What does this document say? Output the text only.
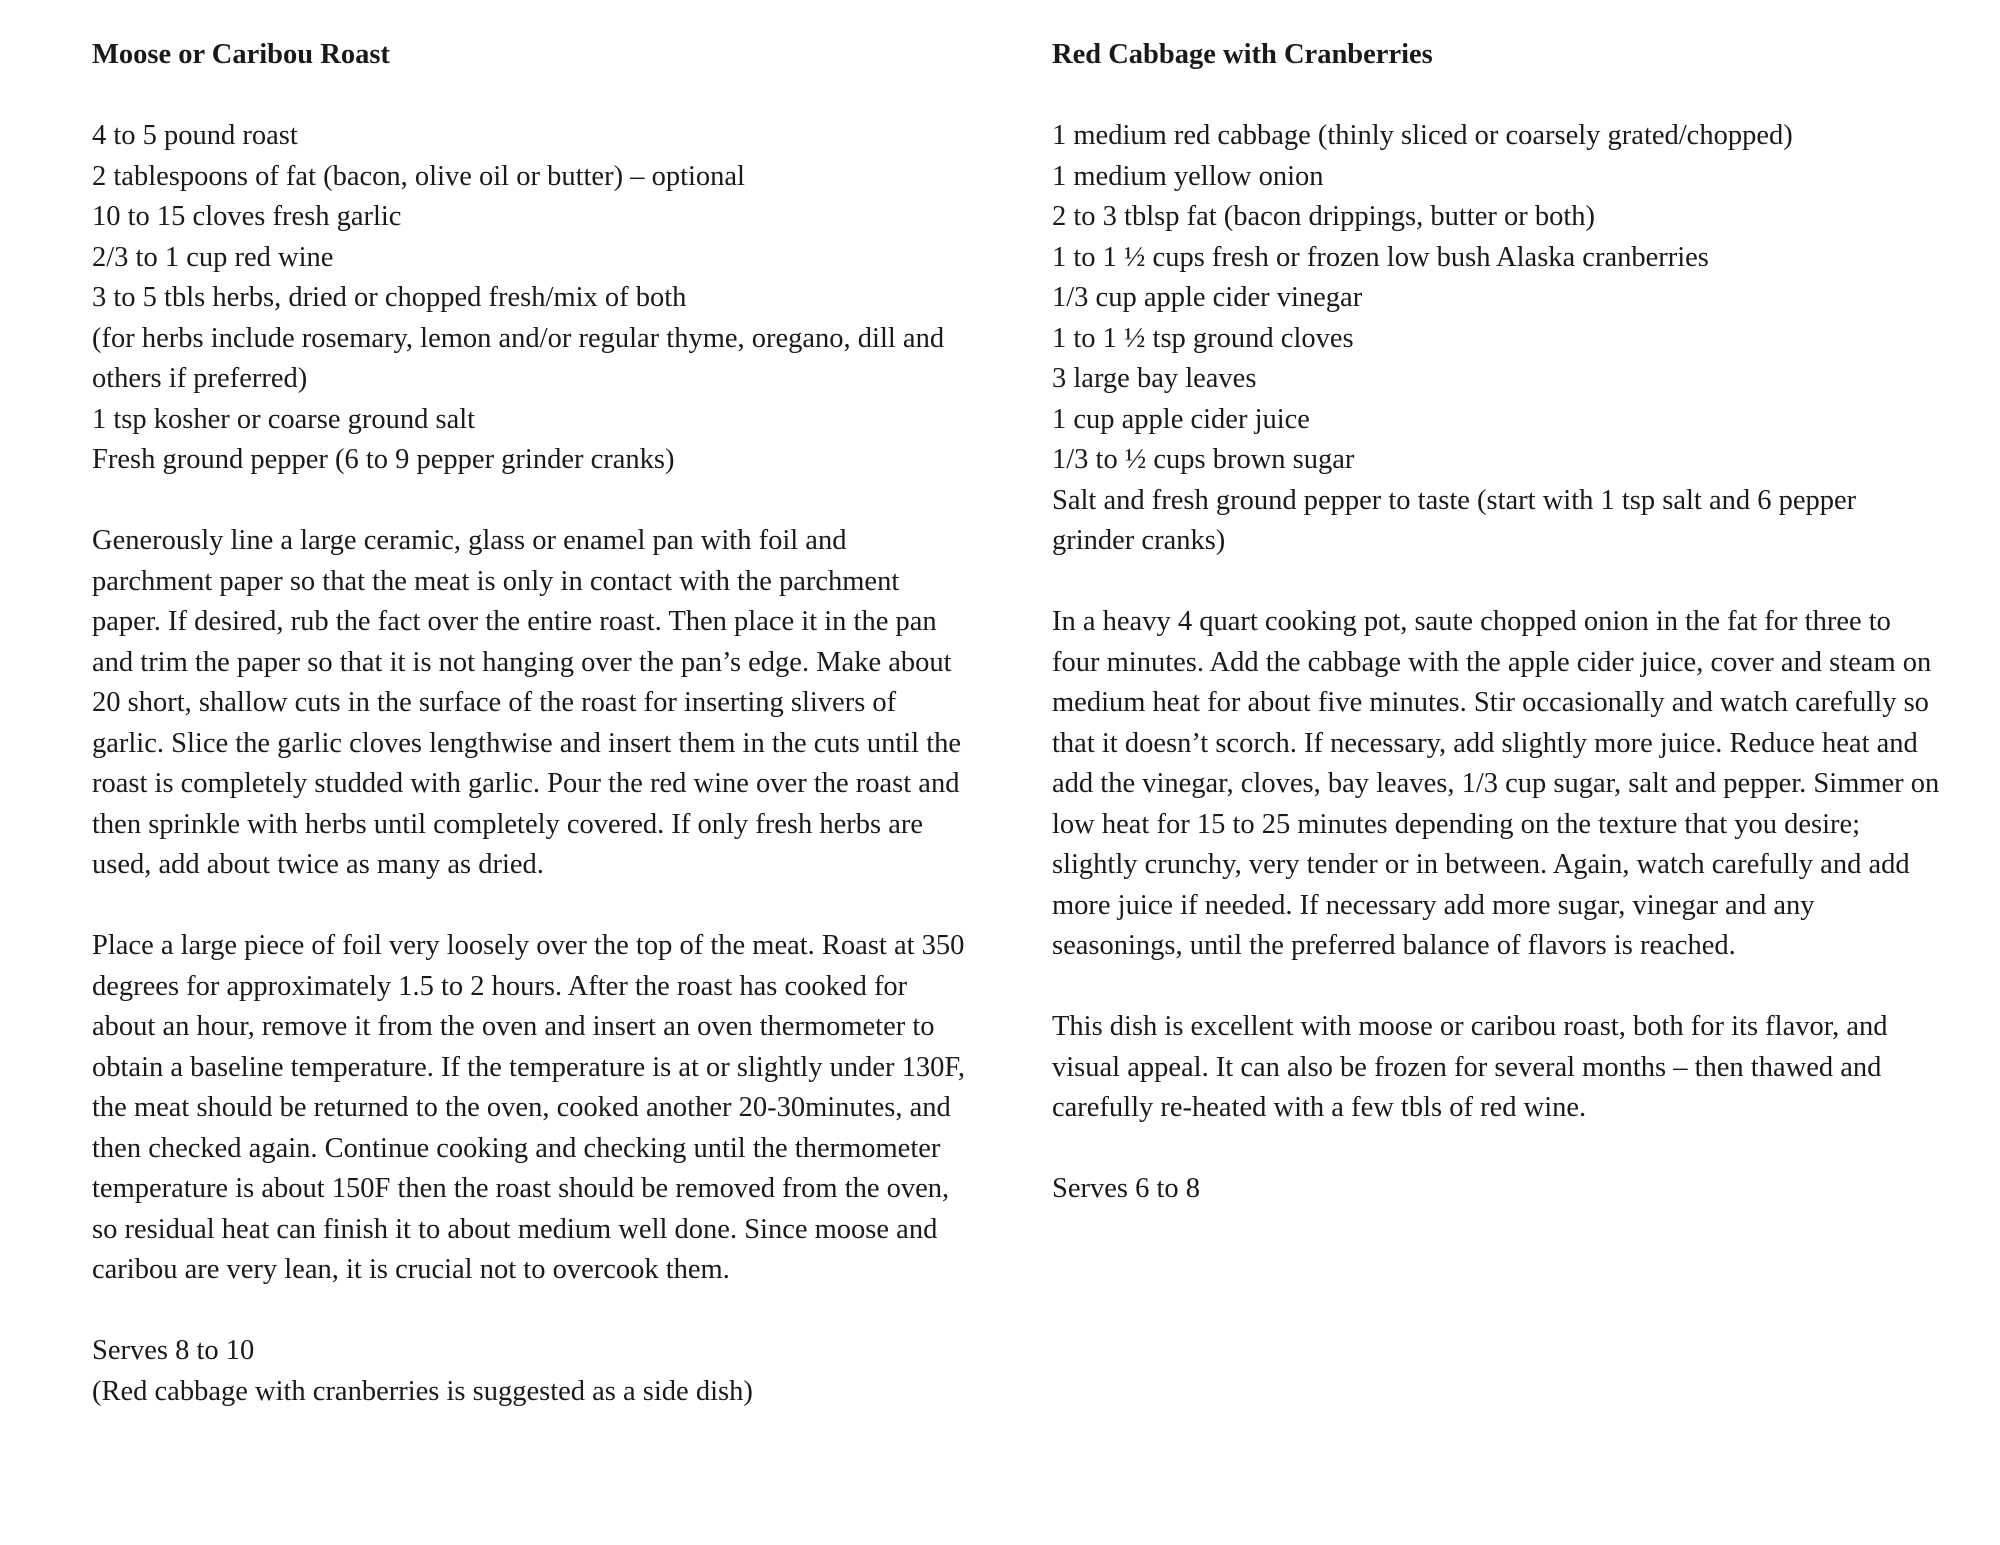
Moose or Caribou Roast
4 to 5 pound roast
2 tablespoons of fat (bacon, olive oil or butter) – optional
10 to 15 cloves fresh garlic
2/3 to 1 cup red wine
3 to 5 tbls herbs, dried or chopped fresh/mix of both
(for herbs include rosemary, lemon and/or regular thyme, oregano, dill and others if preferred)
1 tsp kosher or coarse ground salt
Fresh ground pepper (6 to 9 pepper grinder cranks)

Generously line a large ceramic, glass or enamel pan with foil and parchment paper so that the meat is only in contact with the parchment paper. If desired, rub the fact over the entire roast. Then place it in the pan and trim the paper so that it is not hanging over the pan’s edge. Make about 20 short, shallow cuts in the surface of the roast for inserting slivers of garlic. Slice the garlic cloves lengthwise and insert them in the cuts until the roast is completely studded with garlic. Pour the red wine over the roast and then sprinkle with herbs until completely covered. If only fresh herbs are used, add about twice as many as dried.

Place a large piece of foil very loosely over the top of the meat. Roast at 350 degrees for approximately 1.5 to 2 hours. After the roast has cooked for about an hour, remove it from the oven and insert an oven thermometer to obtain a baseline temperature. If the temperature is at or slightly under 130F, the meat should be returned to the oven, cooked another 20-30minutes, and then checked again. Continue cooking and checking until the thermometer temperature is about 150F then the roast should be removed from the oven, so residual heat can finish it to about medium well done. Since moose and caribou are very lean, it is crucial not to overcook them.

Serves 8 to 10
(Red cabbage with cranberries is suggested as a side dish)
Red Cabbage with Cranberries
1 medium red cabbage (thinly sliced or coarsely grated/chopped)
1 medium yellow onion
2 to 3 tblsp fat (bacon drippings, butter or both)
1 to 1 ½ cups fresh or frozen low bush Alaska cranberries
1/3 cup apple cider vinegar
1 to 1 ½ tsp ground cloves
3 large bay leaves
1 cup apple cider juice
1/3 to ½ cups brown sugar
Salt and fresh ground pepper to taste (start with 1 tsp salt and 6 pepper grinder cranks)

In a heavy 4 quart cooking pot, saute chopped onion in the fat for three to four minutes. Add the cabbage with the apple cider juice, cover and steam on medium heat for about five minutes. Stir occasionally and watch carefully so that it doesn’t scorch. If necessary, add slightly more juice. Reduce heat and add the vinegar, cloves, bay leaves, 1/3 cup sugar, salt and pepper. Simmer on low heat for 15 to 25 minutes depending on the texture that you desire; slightly crunchy, very tender or in between. Again, watch carefully and add more juice if needed. If necessary add more sugar, vinegar and any seasonings, until the preferred balance of flavors is reached.

This dish is excellent with moose or caribou roast, both for its flavor, and visual appeal. It can also be frozen for several months – then thawed and carefully re-heated with a few tbls of red wine.

Serves 6 to 8
